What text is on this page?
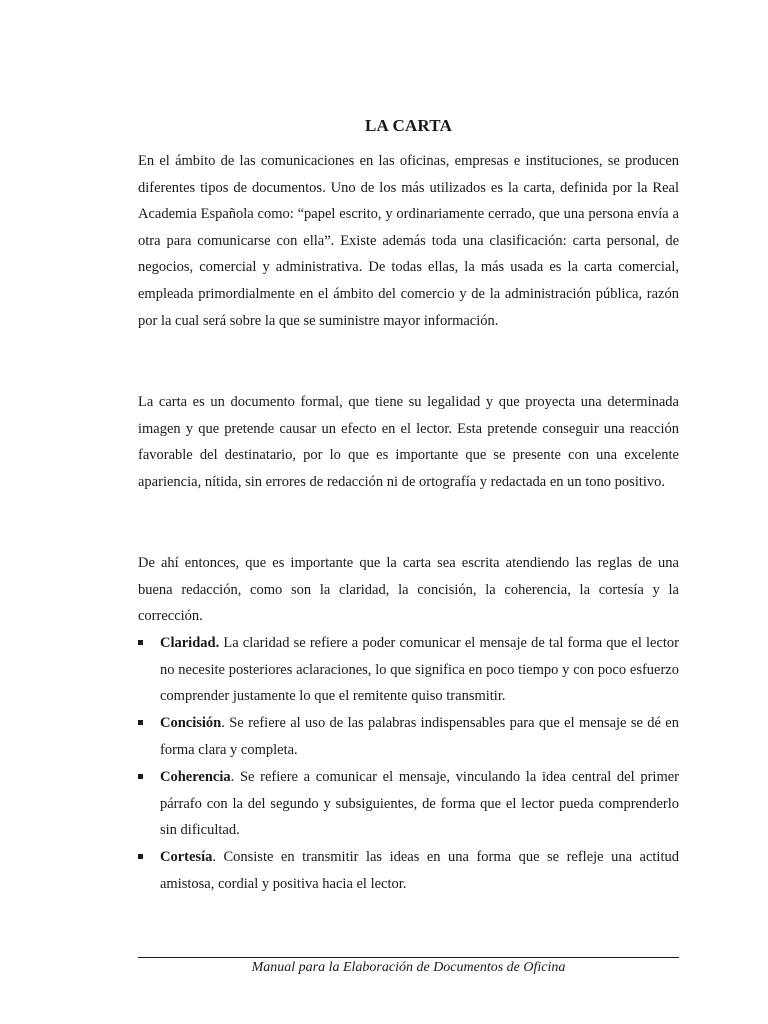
LA CARTA

En el ámbito de las comunicaciones en las oficinas, empresas e instituciones, se producen diferentes tipos de documentos. Uno de los más utilizados es la carta, definida por la Real Academia Española como: “papel escrito, y ordinariamente cerrado, que una persona envía a otra para comunicarse con ella”. Existe además toda una clasificación: carta personal, de negocios, comercial y administrativa. De todas ellas, la más usada es la carta comercial, empleada primordialmente en el ámbito del comercio y de la administración pública, razón por la cual será sobre la que se suministre mayor información.

La carta es un documento formal, que tiene su legalidad y que proyecta una determinada imagen y que pretende causar un efecto en el lector. Esta pretende conseguir una reacción favorable del destinatario, por lo que es importante que se presente con una excelente apariencia, nítida, sin errores de redacción ni de ortografía y redactada en un tono positivo.

De ahí entonces, que es importante que la carta sea escrita atendiendo las reglas de una buena redacción, como son la claridad, la concisión, la coherencia, la cortesía y la corrección.

Claridad. La claridad se refiere a poder comunicar el mensaje de tal forma que el lector no necesite posteriores aclaraciones, lo que significa en poco tiempo y con poco esfuerzo comprender justamente lo que el remitente quiso transmitir.
Concisión. Se refiere al uso de las palabras indispensables para que el mensaje se dé en forma clara y completa.
Coherencia. Se refiere a comunicar el mensaje, vinculando la idea central del primer párrafo con la del segundo y subsiguientes, de forma que el lector pueda comprenderlo sin dificultad.
Cortesía. Consiste en transmitir las ideas en una forma que se refleje una actitud amistosa, cordial y positiva hacia el lector.
Manual para la Elaboración de Documentos de Oficina
